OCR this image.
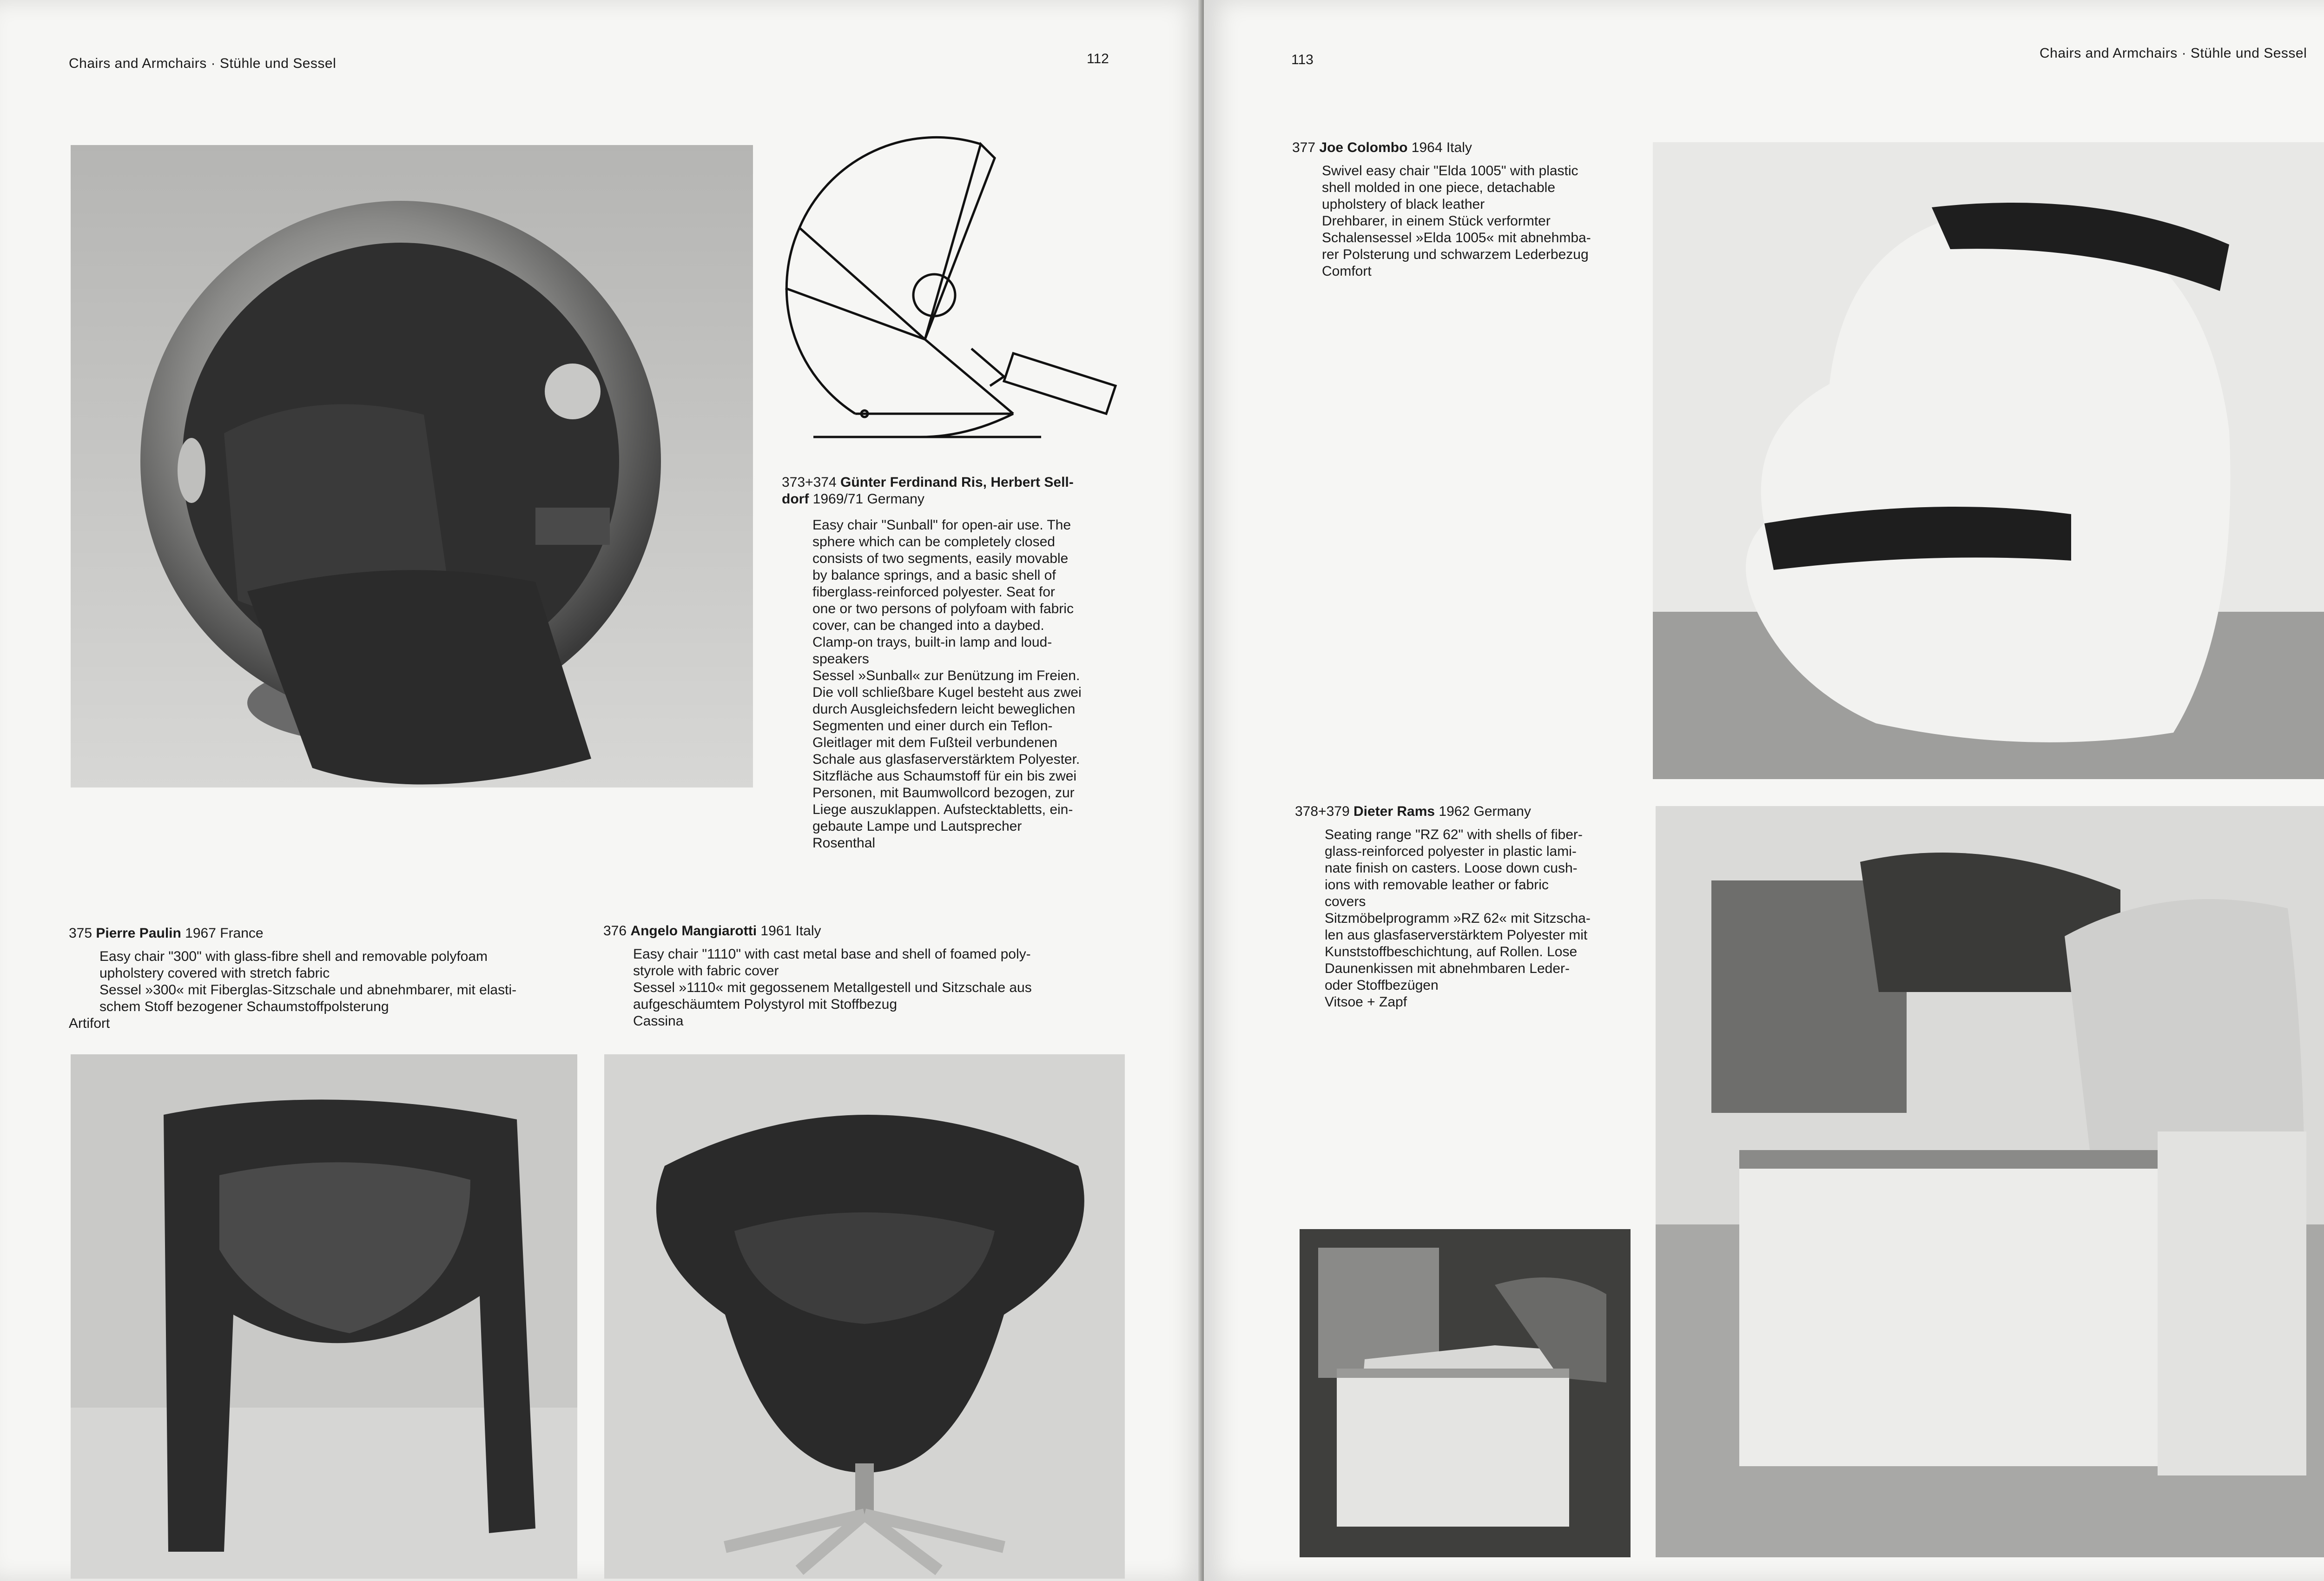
Chairs and Armchairs · Stühle und Sessel	112
373+374 Günter Ferdinand Ris, Herbert Sell-
dorf 1969/71 Germany
Easy chair "Sunball" for open-air use. The
sphere which can be completely closed
consists of two segments, easily movable
by balance springs, and a basic shell of
fiberglass-reinforced polyester. Seat for
one or two persons of polyfoam with fabric
cover, can be changed into a daybed.
Clamp-on trays, built-in lamp and loud-
speakers
Sessel »Sunball« zur Benützung im Freien.
Die voll schließbare Kugel besteht aus zwei
durch Ausgleichsfedern leicht beweglichen
Segmenten und einer durch ein Teflon-
Gleitlager mit dem Fußteil verbundenen
Schale aus glasfaserverstärktem Polyester.
Sitzfläche aus Schaumstoff für ein bis zwei
Personen, mit Baumwollcord bezogen, zur
Liege auszuklappen. Aufstecktabletts, ein-
gebaute Lampe und Lautsprecher
Rosenthal
375 Pierre Paulin 1967 France
Easy chair "300" with glass-fibre shell and removable polyfoam
upholstery covered with stretch fabric
Sessel »300« mit Fiberglas-Sitzschale und abnehmbarer, mit elasti-
schem Stoff bezogener Schaumstoffpolsterung
Artifort
376 Angelo Mangiarotti 1961 Italy
Easy chair "1110" with cast metal base and shell of foamed poly-
styrole with fabric cover
Sessel »1110« mit gegossenem Metallgestell und Sitzschale aus
aufgeschäumtem Polystyrol mit Stoffbezug
Cassina
113	Chairs and Armchairs · Stühle und Sessel
377 Joe Colombo 1964 Italy
Swivel easy chair "Elda 1005" with plastic
shell molded in one piece, detachable
upholstery of black leather
Drehbarer, in einem Stück verformter
Schalensessel »Elda 1005« mit abnehmba-
rer Polsterung und schwarzem Lederbezug
Comfort
378+379 Dieter Rams 1962 Germany
Seating range "RZ 62" with shells of fiber-
glass-reinforced polyester in plastic lami-
nate finish on casters. Loose down cush-
ions with removable leather or fabric
covers
Sitzmöbelprogramm »RZ 62« mit Sitzscha-
len aus glasfaserverstärktem Polyester mit
Kunststoffbeschichtung, auf Rollen. Lose
Daunenkissen mit abnehmbaren Leder-
oder Stoffbezügen
Vitsoe + Zapf
